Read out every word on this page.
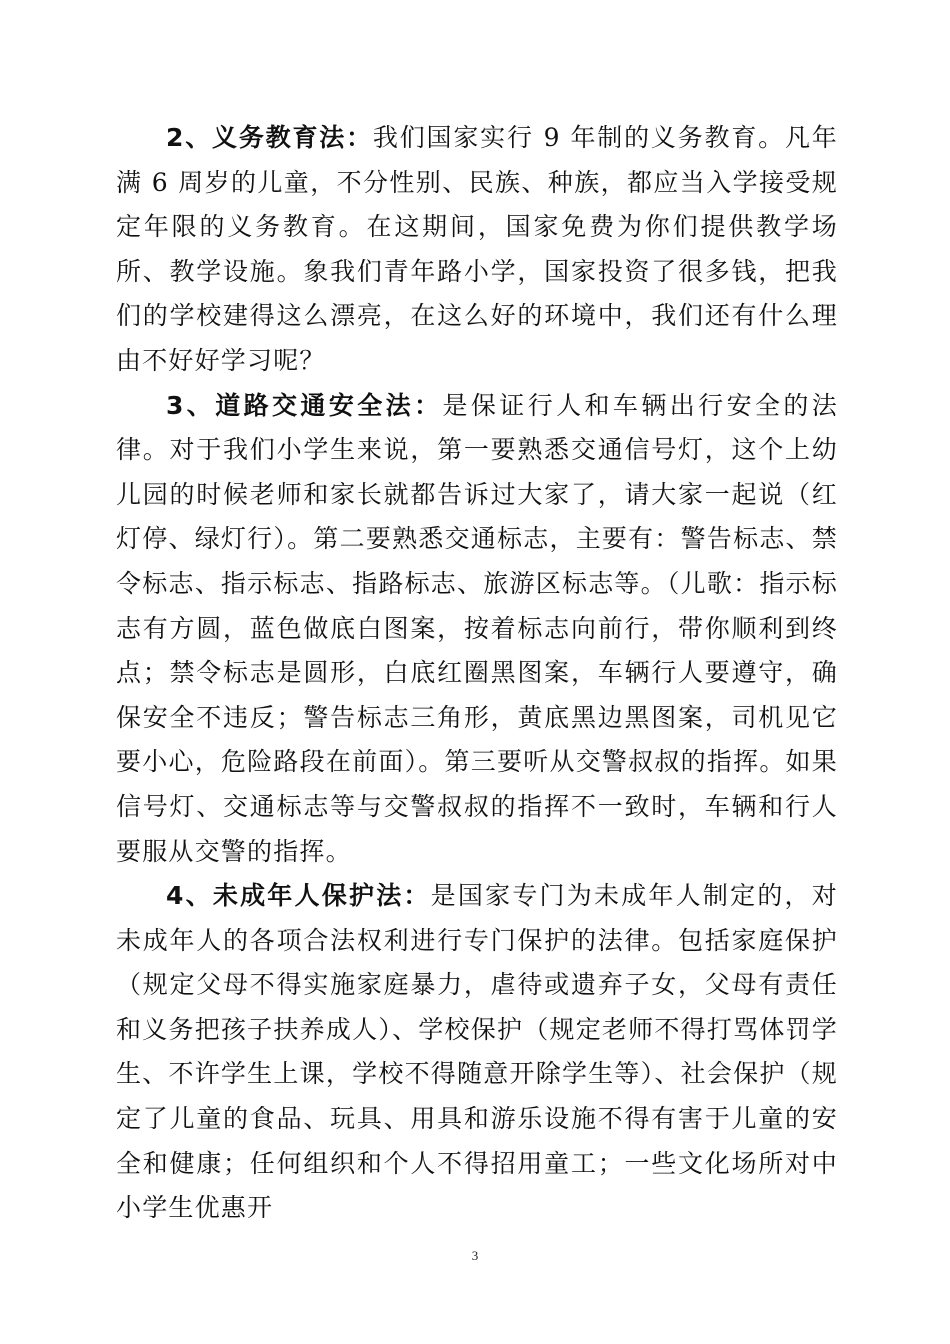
2、义务教育法：我们国家实行 9 年制的义务教育。凡年满 6 周岁的儿童，不分性别、民族、种族，都应当入学接受规定年限的义务教育。在这期间，国家免费为你们提供教学场所、教学设施。象我们青年路小学，国家投资了很多钱，把我们的学校建得这么漂亮，在这么好的环境中，我们还有什么理由不好好学习呢？

3、道路交通安全法：是保证行人和车辆出行安全的法律。对于我们小学生来说，第一要熟悉交通信号灯，这个上幼儿园的时候老师和家长就都告诉过大家了，请大家一起说（红灯停、绿灯行）。第二要熟悉交通标志，主要有：警告标志、禁令标志、指示标志、指路标志、旅游区标志等。（儿歌：指示标志有方圆，蓝色做底白图案，按着标志向前行，带你顺利到终点；禁令标志是圆形，白底红圈黑图案，车辆行人要遵守，确保安全不违反；警告标志三角形，黄底黑边黑图案，司机见它要小心，危险路段在前面）。第三要听从交警叔叔的指挥。如果信号灯、交通标志等与交警叔叔的指挥不一致时，车辆和行人要服从交警的指挥。

4、未成年人保护法：是国家专门为未成年人制定的，对未成年人的各项合法权利进行专门保护的法律。包括家庭保护（规定父母不得实施家庭暴力，虐待或遗弃子女，父母有责任和义务把孩子扶养成人）、学校保护（规定老师不得打骂体罚学生、不许学生上课，学校不得随意开除学生等）、社会保护（规定了儿童的食品、玩具、用具和游乐设施不得有害于儿童的安全和健康；任何组织和个人不得招用童工；一些文化场所对中小学生优惠开

3
